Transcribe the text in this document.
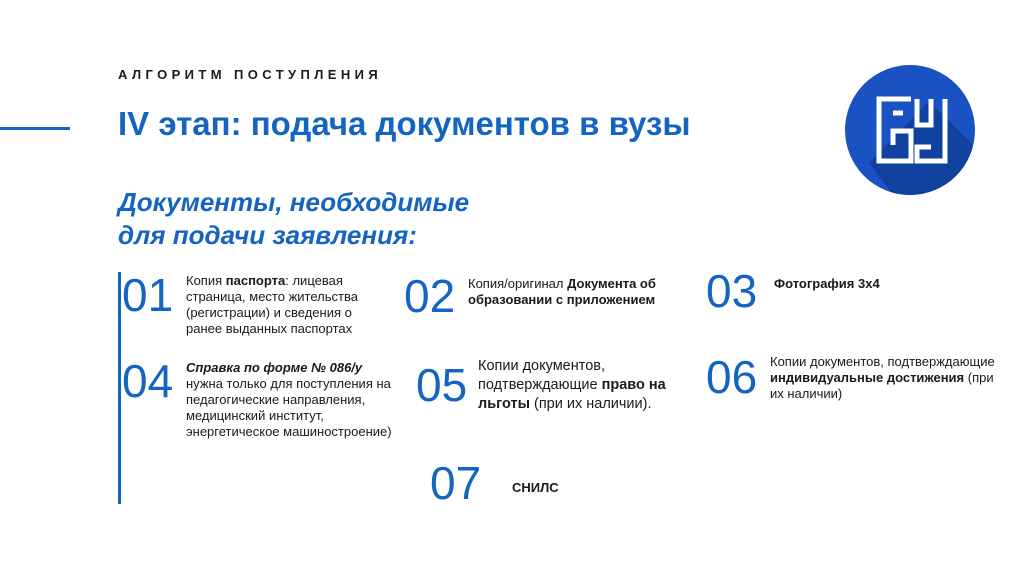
АЛГОРИТМ ПОСТУПЛЕНИЯ
IV этап: подача документов в вузы
Документы, необходимые
для подачи заявления:
01 Копия паспорта: лицевая страница, место жительства (регистрации) и сведения о ранее выданных паспортах
02 Копия/оригинал Документа об образовании с приложением	03 Фотография 3х4
04 Справка по форме № 086/у
нужна только для поступления на педагогические направления, медицинский институт, энергетическое машиностроение)
05 Копии документов, подтверждающие право на льготы (при их наличии).
06 Копии документов, подтверждающие индивидуальные достижения (при их наличии)
07 СНИЛС
